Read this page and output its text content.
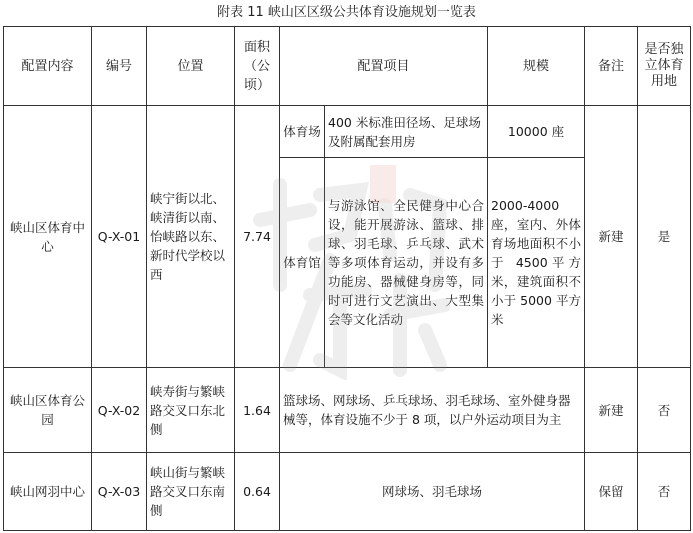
附表 11 峡山区区级公共体育设施规划一览表
配置内容	编号	位置	面积（公顷）	配置项目		规模	备注	是否独立体育用地
峡山区体育中心	Q-X-01	峡宁街以北、峡清街以南、怡峡路以东、新时代学校以西	7.74	体育场	400 米标准田径场、足球场及附属配套用房	10000 座	新建	是
				体育馆	与游泳馆、全民健身中心合设，能开展游泳、篮球、排球、羽毛球、乒乓球、武术等多项体育运动，并设有多功能房、器械健身房等，同时可进行文艺演出、大型集会等文化活动	2000-4000 座，室内、外体育场地面积不小于 4500平方米，建筑面积不小于 5000 平方米		
峡山区体育公园	Q-X-02	峡寿街与繁峡路交叉口东北侧	1.64	篮球场、网球场、乒乓球场、羽毛球场、室外健身器械等，体育设施不少于 8 项，以户外运动项目为主			新建	否
峡山网羽中心	Q-X-03	峡山街与繁峡路交叉口东南侧	0.64	网球场、羽毛球场			保留	否
